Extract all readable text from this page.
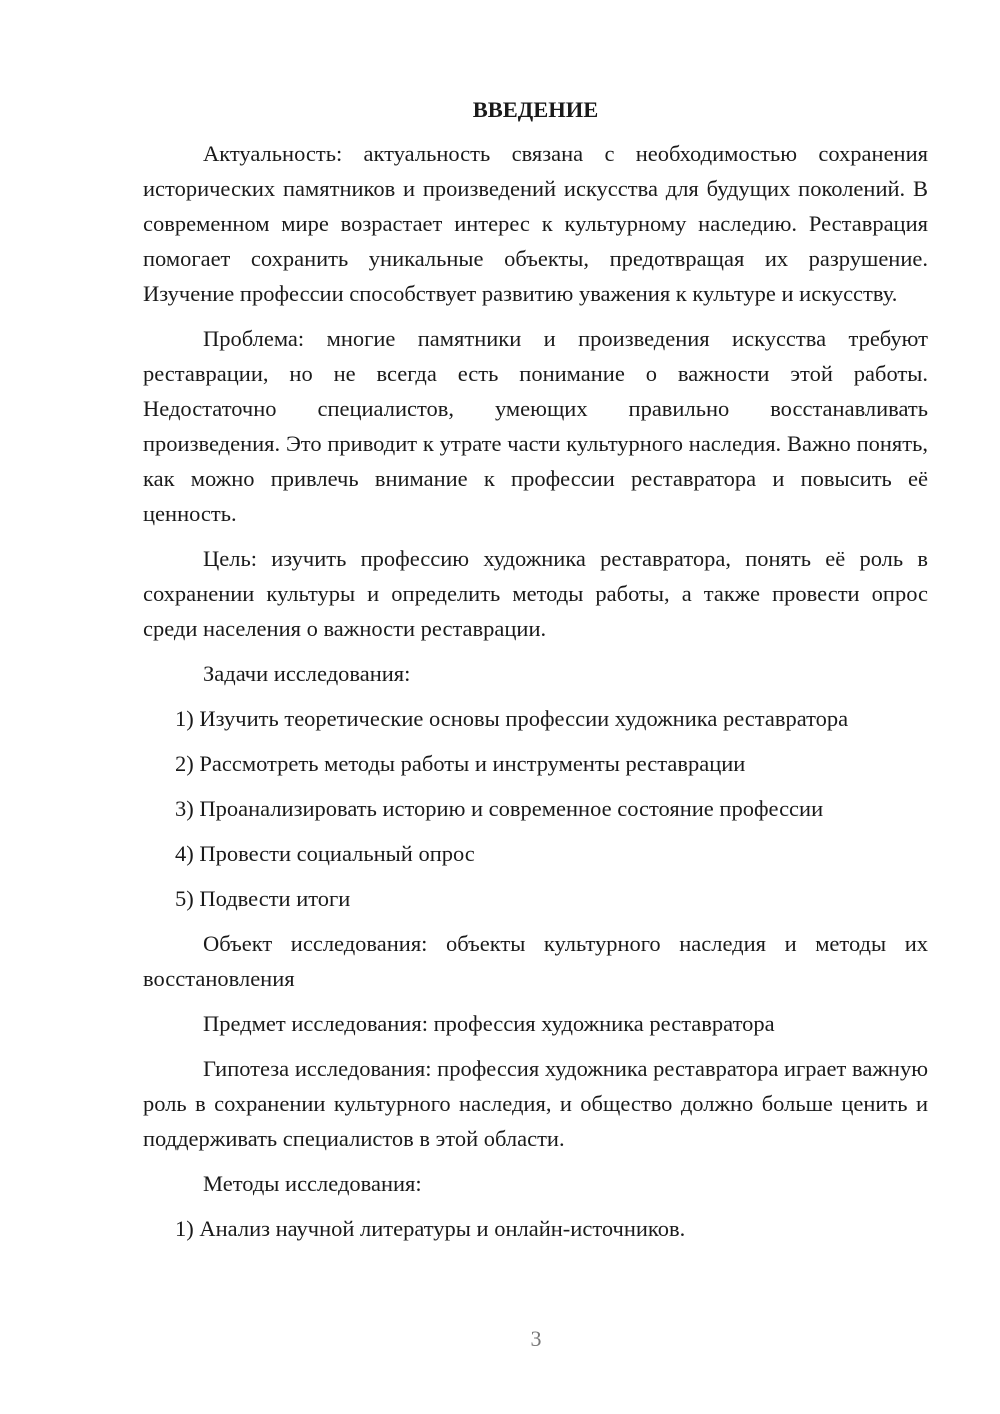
ВВЕДЕНИЕ

Актуальность: актуальность связана с необходимостью сохранения исторических памятников и произведений искусства для будущих поколений. В современном мире возрастает интерес к культурному наследию. Реставрация помогает сохранить уникальные объекты, предотвращая их разрушение. Изучение профессии способствует развитию уважения к культуре и искусству.

Проблема: многие памятники и произведения искусства требуют реставрации, но не всегда есть понимание о важности этой работы. Недостаточно специалистов, умеющих правильно восстанавливать произведения. Это приводит к утрате части культурного наследия. Важно понять, как можно привлечь внимание к профессии реставратора и повысить её ценность.

Цель: изучить профессию художника реставратора, понять её роль в сохранении культуры и определить методы работы, а также провести опрос среди населения о важности реставрации.

Задачи исследования:

1) Изучить теоретические основы профессии художника реставратора

2) Рассмотреть методы работы и инструменты реставрации

3) Проанализировать историю и современное состояние профессии

4) Провести социальный опрос

5) Подвести итоги

Объект исследования: объекты культурного наследия и методы их восстановления

Предмет исследования: профессия художника реставратора

Гипотеза исследования: профессия художника реставратора играет важную роль в сохранении культурного наследия, и общество должно больше ценить и поддерживать специалистов в этой области.

Методы исследования:

1) Анализ научной литературы и онлайн-источников.

3
